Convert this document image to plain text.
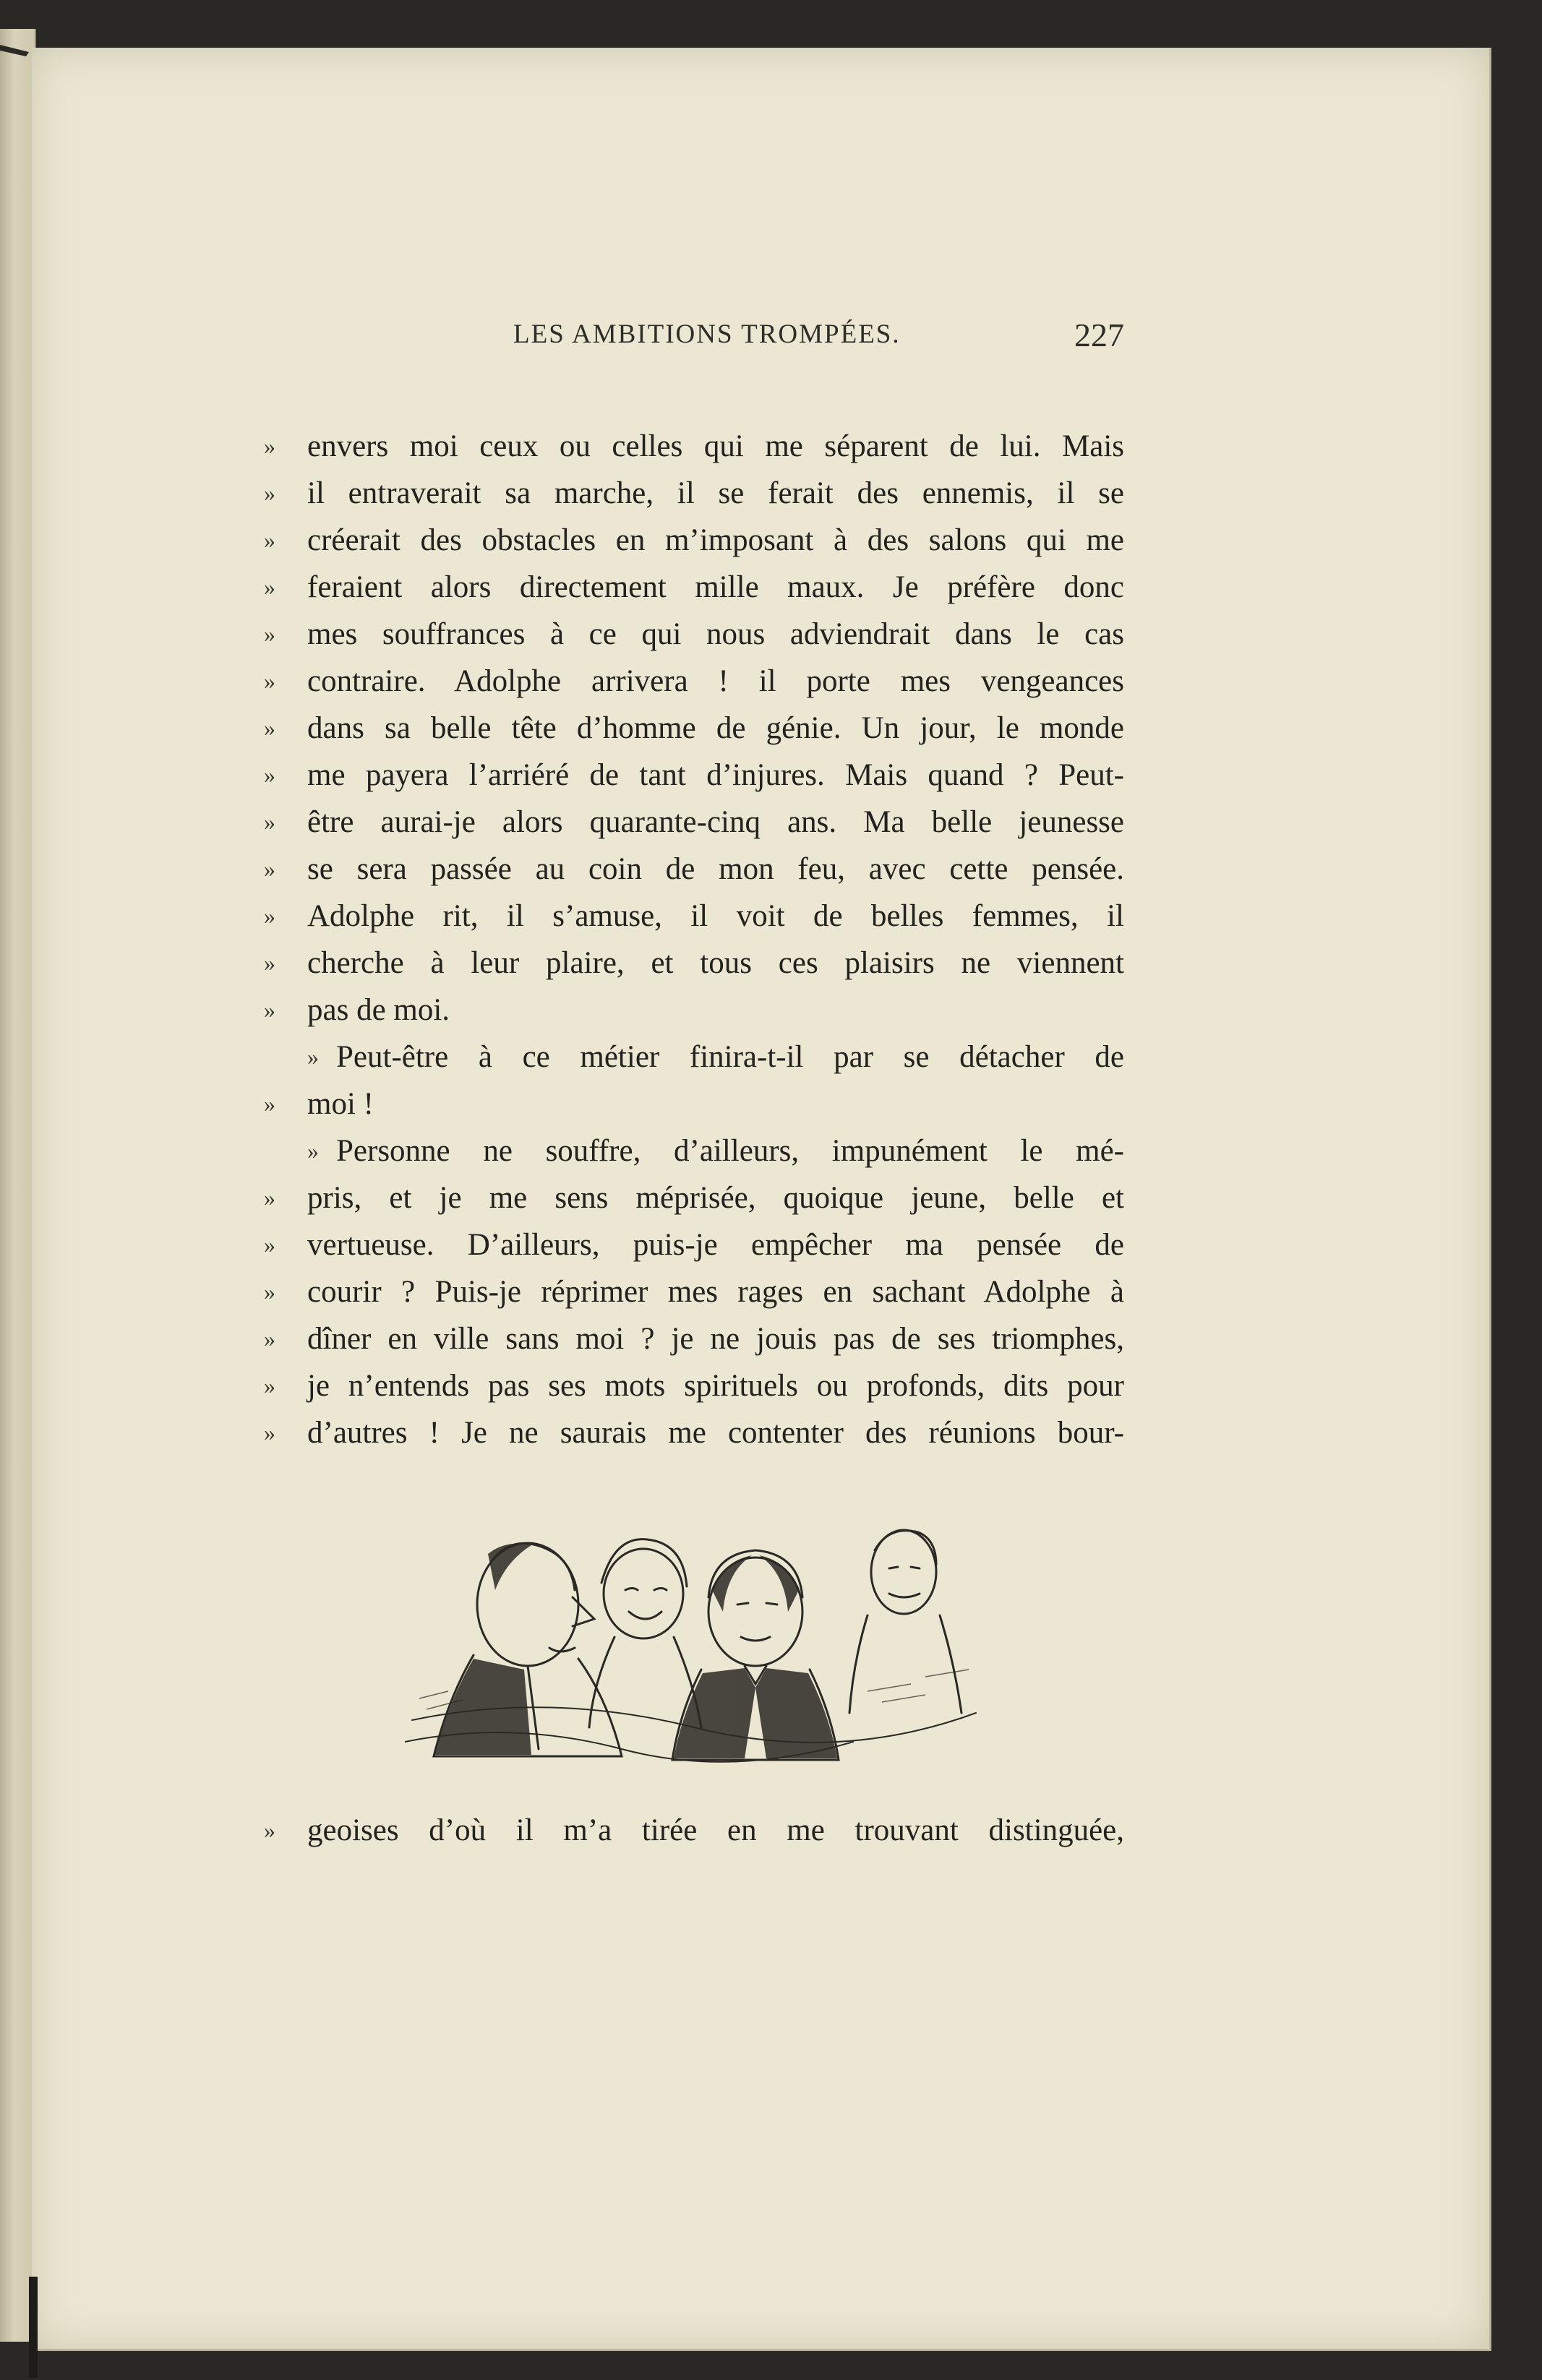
LES AMBITIONS TROMPÉES.	227
»	envers moi ceux ou celles qui me séparent de lui. Mais
»	il entraverait sa marche, il se ferait des ennemis, il se
»	créerait des obstacles en m’imposant à des salons qui me
»	feraient alors directement mille maux. Je préfère donc
»	mes souffrances à ce qui nous adviendrait dans le cas
»	contraire. Adolphe arrivera ! il porte mes vengeances
»	dans sa belle tête d’homme de génie. Un jour, le monde
»	me payera l’arriéré de tant d’injures. Mais quand ? Peut-
»	être aurai-je alors quarante-cinq ans. Ma belle jeunesse
»	se sera passée au coin de mon feu, avec cette pensée.
»	Adolphe rit, il s’amuse, il voit de belles femmes, il
»	cherche à leur plaire, et tous ces plaisirs ne viennent
»	pas de moi.
» Peut-être à ce métier finira-t-il par se détacher de
»	moi !
» Personne ne souffre, d’ailleurs, impunément le mé-
»	pris, et je me sens méprisée, quoique jeune, belle et
»	vertueuse. D’ailleurs, puis-je empêcher ma pensée de
»	courir ? Puis-je réprimer mes rages en sachant Adolphe à
»	dîner en ville sans moi ? je ne jouis pas de ses triomphes,
»	je n’entends pas ses mots spirituels ou profonds, dits pour
»	d’autres ! Je ne saurais me contenter des réunions bour-
»	geoises d’où il m’a tirée en me trouvant distinguée,
